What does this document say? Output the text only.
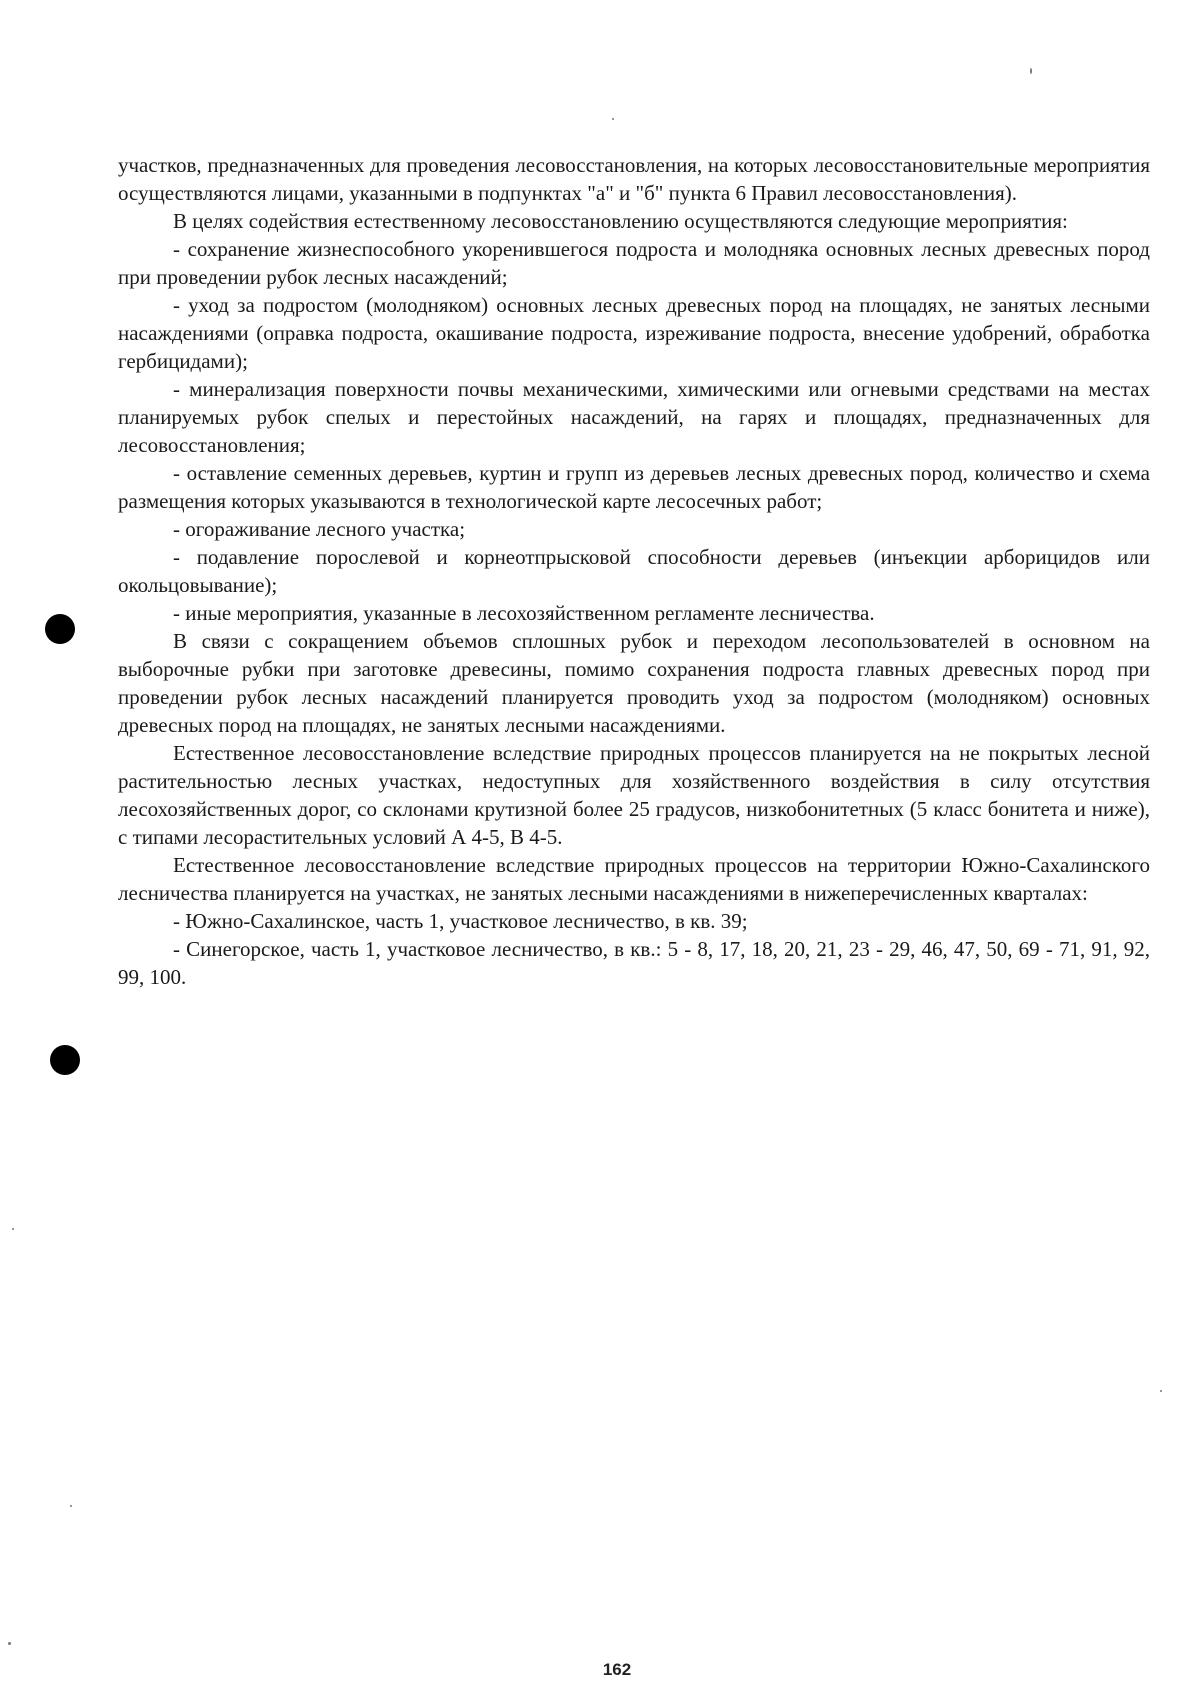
участков, предназначенных для проведения лесовосстановления, на которых лесовосстановительные мероприятия осуществляются лицами, указанными в подпунктах "а" и "б" пункта 6 Правил лесовосстановления).

В целях содействия естественному лесовосстановлению осуществляются следующие мероприятия:

- сохранение жизнеспособного укоренившегося подроста и молодняка основных лесных древесных пород при проведении рубок лесных насаждений;

- уход за подростом (молодняком) основных лесных древесных пород на площадях, не занятых лесными насаждениями (оправка подроста, окашивание подроста, изреживание подроста, внесение удобрений, обработка гербицидами);

- минерализация поверхности почвы механическими, химическими или огневыми средствами на местах планируемых рубок спелых и перестойных насаждений, на гарях и площадях, предназначенных для лесовосстановления;

- оставление семенных деревьев, куртин и групп из деревьев лесных древесных пород, количество и схема размещения которых указываются в технологической карте лесосечных работ;

- огораживание лесного участка;

- подавление порослевой и корнеотпрысковой способности деревьев (инъекции арборицидов или окольцовывание);

- иные мероприятия, указанные в лесохозяйственном регламенте лесничества.

В связи с сокращением объемов сплошных рубок и переходом лесопользователей в основном на выборочные рубки при заготовке древесины, помимо сохранения подроста главных древесных пород при проведении рубок лесных насаждений планируется проводить уход за подростом (молодняком) основных древесных пород на площадях, не занятых лесными насаждениями.

Естественное лесовосстановление вследствие природных процессов планируется на не покрытых лесной растительностью лесных участках, недоступных для хозяйственного воздействия в силу отсутствия лесохозяйственных дорог, со склонами крутизной более 25 градусов, низкобонитетных (5 класс бонитета и ниже), с типами лесорастительных условий А 4-5, В 4-5.

Естественное лесовосстановление вследствие природных процессов на территории Южно-Сахалинского лесничества планируется на участках, не занятых лесными насаждениями в нижеперечисленных кварталах:

- Южно-Сахалинское, часть 1, участковое лесничество, в кв. 39;

- Синегорское, часть 1, участковое лесничество, в кв.: 5 - 8, 17, 18, 20, 21, 23 - 29, 46, 47, 50, 69 - 71, 91, 92, 99, 100.

162
